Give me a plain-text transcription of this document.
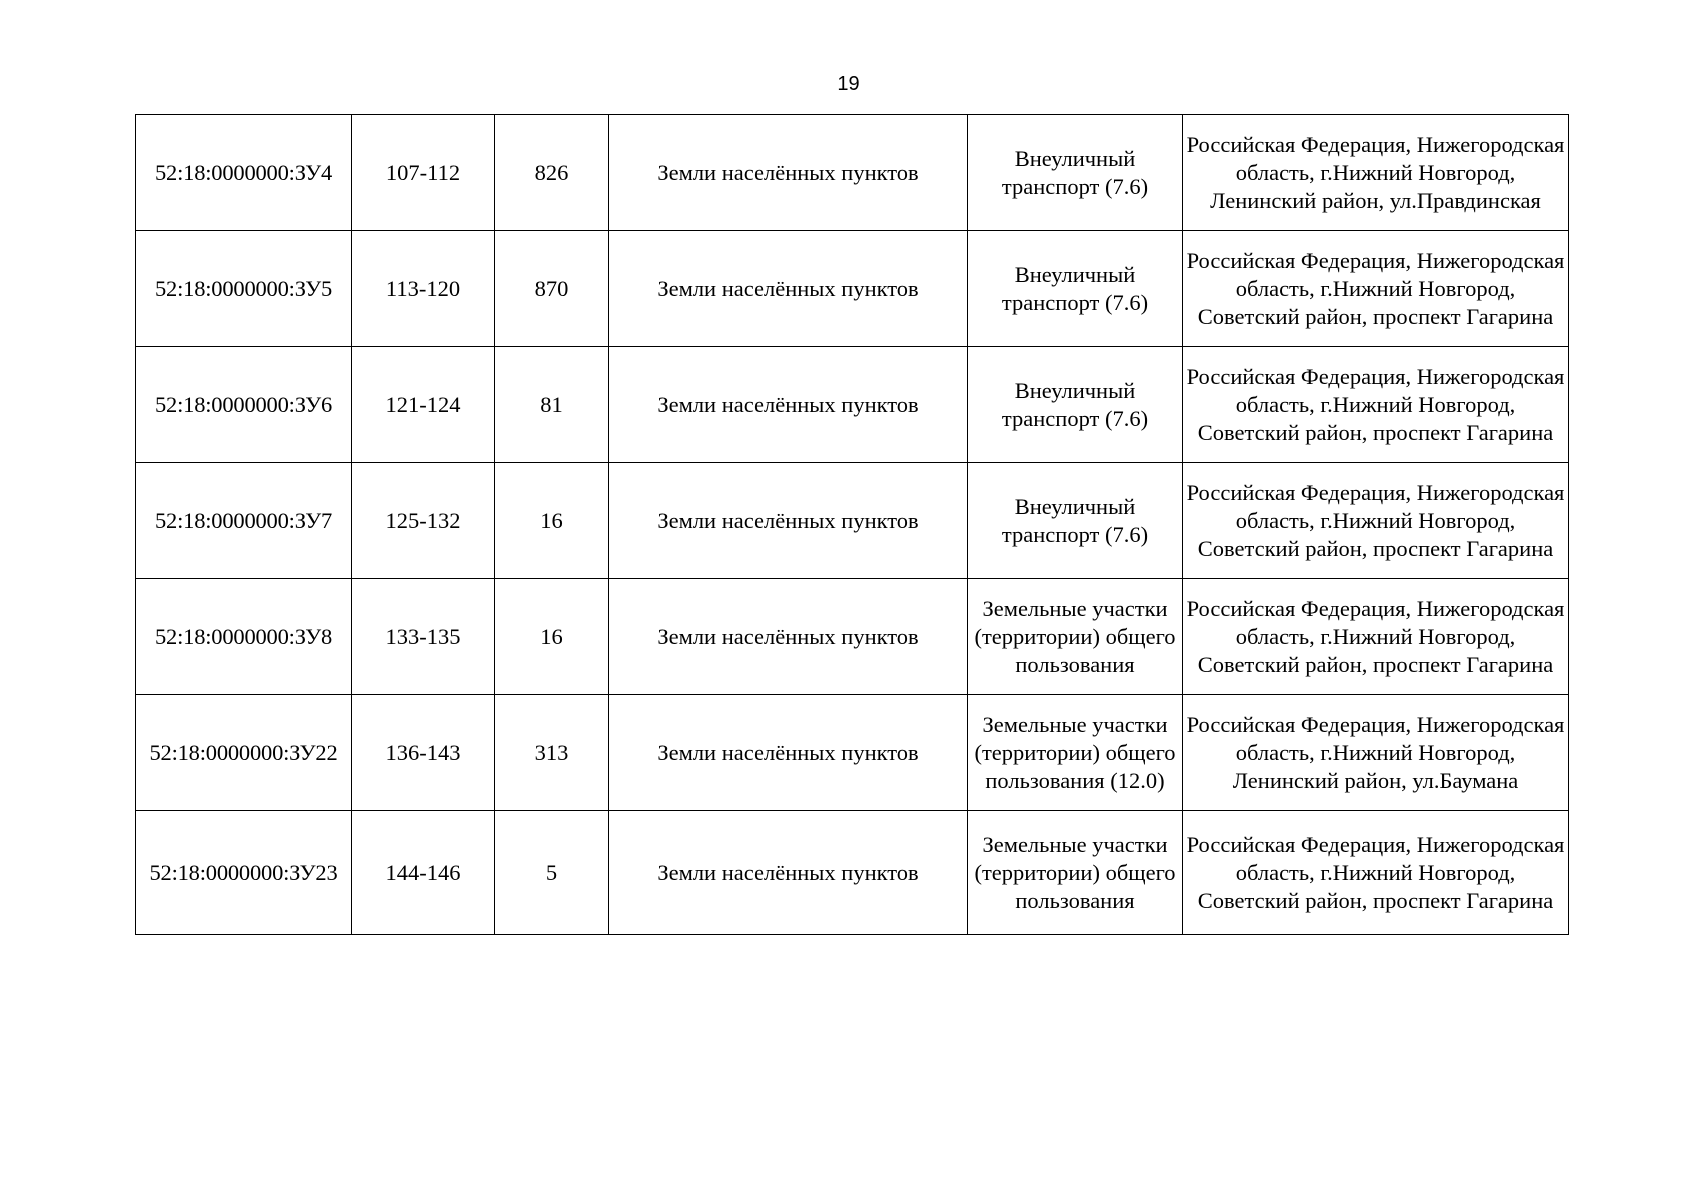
19
52:18:0000000:ЗУ4	107-112	826	Земли населённых пунктов	Внеуличный транспорт (7.6)	Российская Федерация, Нижегородская область, г.Нижний Новгород, Ленинский район, ул.Правдинская
52:18:0000000:ЗУ5	113-120	870	Земли населённых пунктов	Внеуличный транспорт (7.6)	Российская Федерация, Нижегородская область, г.Нижний Новгород, Советский район, проспект Гагарина
52:18:0000000:ЗУ6	121-124	81	Земли населённых пунктов	Внеуличный транспорт (7.6)	Российская Федерация, Нижегородская область, г.Нижний Новгород, Советский район, проспект Гагарина
52:18:0000000:ЗУ7	125-132	16	Земли населённых пунктов	Внеуличный транспорт (7.6)	Российская Федерация, Нижегородская область, г.Нижний Новгород, Советский район, проспект Гагарина
52:18:0000000:ЗУ8	133-135	16	Земли населённых пунктов	Земельные участки (территории) общего пользования	Российская Федерация, Нижегородская область, г.Нижний Новгород, Советский район, проспект Гагарина
52:18:0000000:ЗУ22	136-143	313	Земли населённых пунктов	Земельные участки (территории) общего пользования (12.0)	Российская Федерация, Нижегородская область, г.Нижний Новгород, Ленинский район, ул.Баумана
52:18:0000000:ЗУ23	144-146	5	Земли населённых пунктов	Земельные участки (территории) общего пользования	Российская Федерация, Нижегородская область, г.Нижний Новгород, Советский район, проспект Гагарина
